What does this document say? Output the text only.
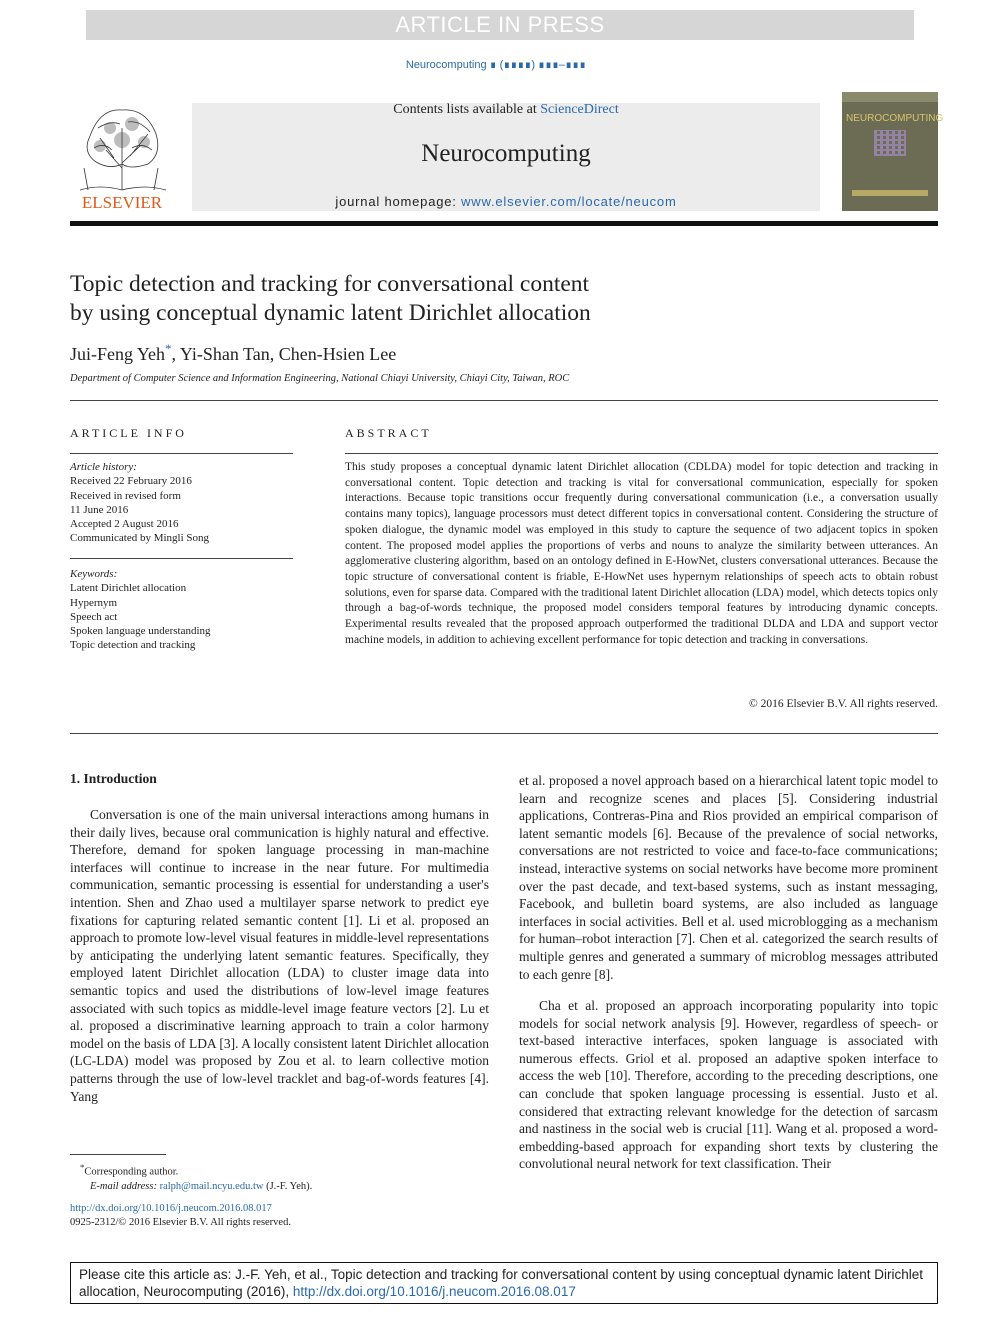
ARTICLE IN PRESS
Neurocomputing ∎ (∎∎∎∎) ∎∎∎–∎∎∎
ELSEVIER
Contents lists available at ScienceDirect
Neurocomputing
journal homepage: www.elsevier.com/locate/neucom
NEUROCOMPUTING
Topic detection and tracking for conversational content
by using conceptual dynamic latent Dirichlet allocation
Jui-Feng Yeh*, Yi-Shan Tan, Chen-Hsien Lee
Department of Computer Science and Information Engineering, National Chiayi University, Chiayi City, Taiwan, ROC
ARTICLE INFO	ABSTRACT
Article history:
Received 22 February 2016
Received in revised form
11 June 2016
Accepted 2 August 2016
Communicated by Mingli Song
Keywords:
Latent Dirichlet allocation
Hypernym
Speech act
Spoken language understanding
Topic detection and tracking
This study proposes a conceptual dynamic latent Dirichlet allocation (CDLDA) model for topic detection and tracking in conversational content. Topic detection and tracking is vital for conversational communication, especially for spoken interactions. Because topic transitions occur frequently during conversational communication (i.e., a conversation usually contains many topics), language processors must detect different topics in conversational content. Considering the structure of spoken dialogue, the dynamic model was employed in this study to capture the sequence of two adjacent topics in spoken content. The proposed model applies the proportions of verbs and nouns to analyze the similarity between utterances. An agglomerative clustering algorithm, based on an ontology defined in E-HowNet, clusters conversational utterances. Because the topic structure of conversational content is friable, E-HowNet uses hypernym relationships of speech acts to obtain robust solutions, even for sparse data. Compared with the traditional latent Dirichlet allocation (LDA) model, which detects topics only through a bag-of-words technique, the proposed model considers temporal features by introducing dynamic concepts. Experimental results revealed that the proposed approach outperformed the traditional DLDA and LDA and support vector machine models, in addition to achieving excellent performance for topic detection and tracking in conversations.
© 2016 Elsevier B.V. All rights reserved.
1. Introduction
Conversation is one of the main universal interactions among humans in their daily lives, because oral communication is highly natural and effective. Therefore, demand for spoken language processing in man-machine interfaces will continue to increase in the near future. For multimedia communication, semantic processing is essential for understanding a user's intention. Shen and Zhao used a multilayer sparse network to predict eye fixations for capturing related semantic content [1]. Li et al. proposed an approach to promote low-level visual features in middle-level representations by anticipating the underlying latent semantic features. Specifically, they employed latent Dirichlet allocation (LDA) to cluster image data into semantic topics and used the distributions of low-level image features associated with such topics as middle-level image feature vectors [2]. Lu et al. proposed a discriminative learning approach to train a color harmony model on the basis of LDA [3]. A locally consistent latent Dirichlet allocation (LC-LDA) model was proposed by Zou et al. to learn collective motion patterns through the use of low-level tracklet and bag-of-words features [4]. Yang
et al. proposed a novel approach based on a hierarchical latent topic model to learn and recognize scenes and places [5]. Considering industrial applications, Contreras-Pina and Rios provided an empirical comparison of latent semantic models [6]. Because of the prevalence of social networks, conversations are not restricted to voice and face-to-face communications; instead, interactive systems on social networks have become more prominent over the past decade, and text-based systems, such as instant messaging, Facebook, and bulletin board systems, are also included as language interfaces in social activities. Bell et al. used microblogging as a mechanism for human–robot interaction [7]. Chen et al. categorized the search results of multiple genres and generated a summary of microblog messages attributed to each genre [8].
Cha et al. proposed an approach incorporating popularity into topic models for social network analysis [9]. However, regardless of speech- or text-based interactive interfaces, spoken language is associated with numerous effects. Griol et al. proposed an adaptive spoken interface to access the web [10]. Therefore, according to the preceding descriptions, one can conclude that spoken language processing is essential. Justo et al. considered that extracting relevant knowledge for the detection of sarcasm and nastiness in the social web is crucial [11]. Wang et al. proposed a word-embedding-based approach for expanding short texts by clustering the convolutional neural network for text classification. Their
*Corresponding author.
E-mail address: ralph@mail.ncyu.edu.tw (J.-F. Yeh).
http://dx.doi.org/10.1016/j.neucom.2016.08.017
0925-2312/© 2016 Elsevier B.V. All rights reserved.
Please cite this article as: J.-F. Yeh, et al., Topic detection and tracking for conversational content by using conceptual dynamic latent Dirichlet allocation, Neurocomputing (2016), http://dx.doi.org/10.1016/j.neucom.2016.08.017
